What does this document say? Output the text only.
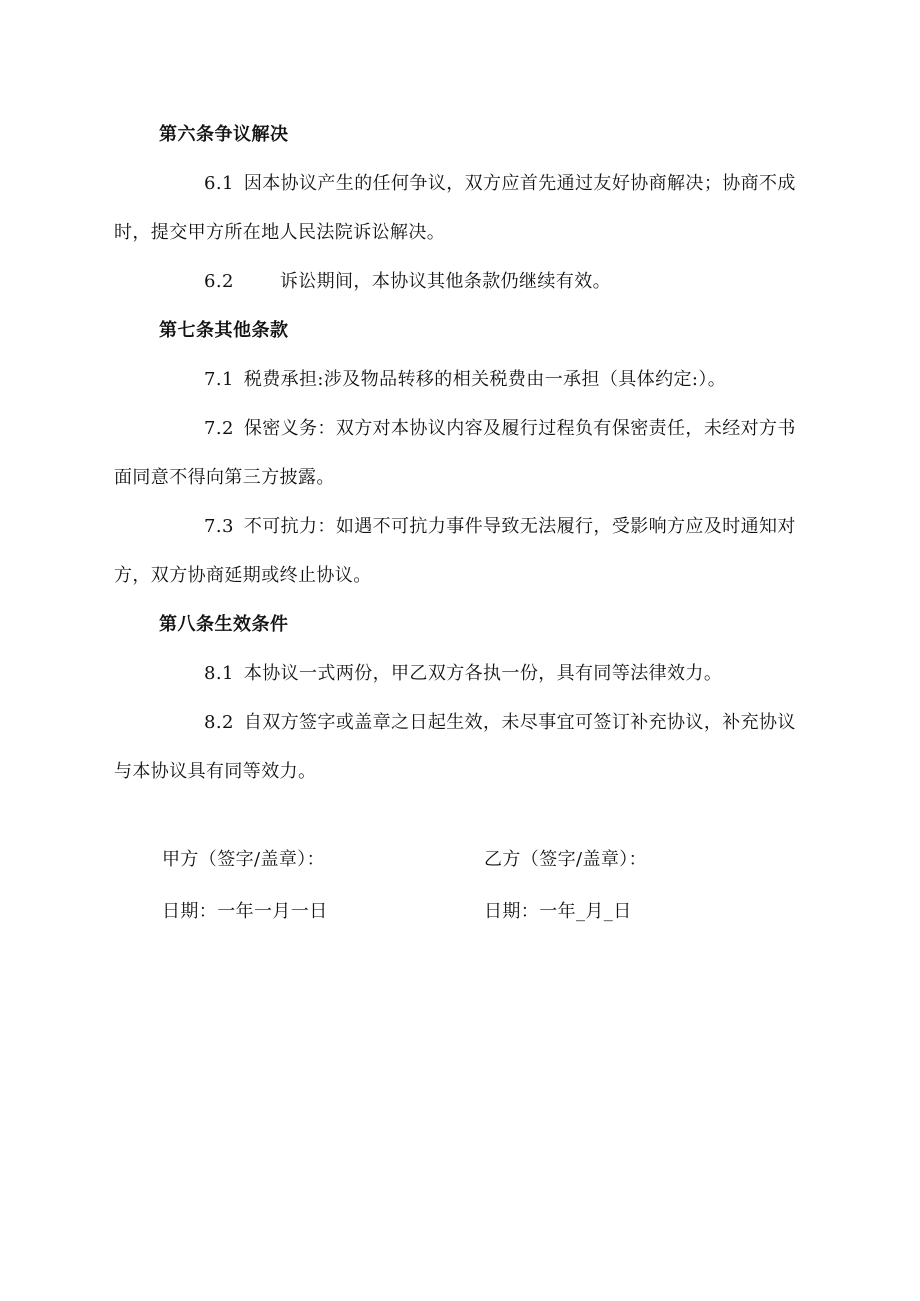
第六条争议解决
6.1 因本协议产生的任何争议，双方应首先通过友好协商解决；协商不成时，提交甲方所在地人民法院诉讼解决。
6.2	诉讼期间，本协议其他条款仍继续有效。
第七条其他条款
7.1 税费承担:涉及物品转移的相关税费由一承担（具体约定:）。
7.2 保密义务：双方对本协议内容及履行过程负有保密责任，未经对方书面同意不得向第三方披露。
7.3 不可抗力：如遇不可抗力事件导致无法履行，受影响方应及时通知对方，双方协商延期或终止协议。
第八条生效条件
8.1 本协议一式两份，甲乙双方各执一份，具有同等法律效力。
8.2 自双方签字或盖章之日起生效，未尽事宜可签订补充协议，补充协议与本协议具有同等效力。
甲方（签字/盖章）：	乙方（签字/盖章）：
日期：一年一月一日	日期：一年_月_日
